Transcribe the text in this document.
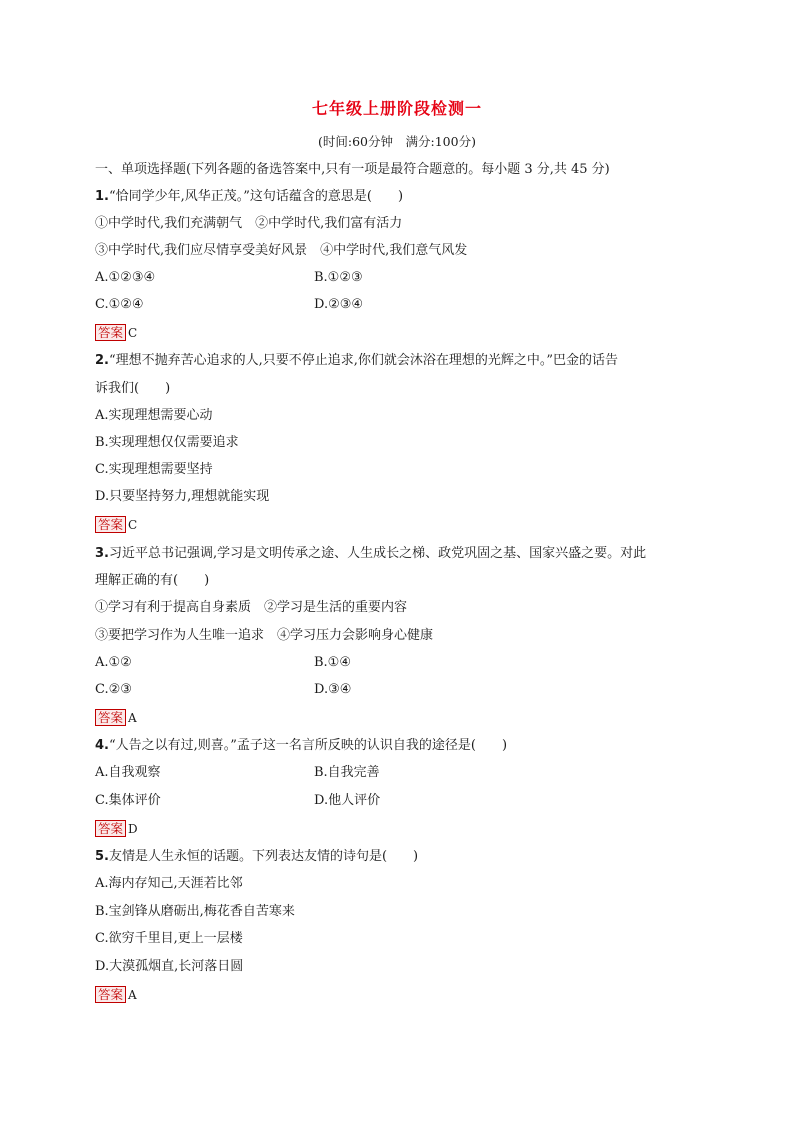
七年级上册阶段检测一
(时间:60分钟　满分:100分)
一、单项选择题(下列各题的备选答案中,只有一项是最符合题意的。每小题 3 分,共 45 分)
1.“恰同学少年,风华正茂。”这句话蕴含的意思是(　　)
①中学时代,我们充满朝气　②中学时代,我们富有活力
③中学时代,我们应尽情享受美好风景　④中学时代,我们意气风发
A.①②③④	B.①②③
C.①②④	D.②③④
答案 C
2.“理想不抛弃苦心追求的人,只要不停止追求,你们就会沐浴在理想的光辉之中。”巴金的话告
诉我们(　　)
A.实现理想需要心动
B.实现理想仅仅需要追求
C.实现理想需要坚持
D.只要坚持努力,理想就能实现
答案 C
3.习近平总书记强调,学习是文明传承之途、人生成长之梯、政党巩固之基、国家兴盛之要。对此
理解正确的有(　　)
①学习有利于提高自身素质　②学习是生活的重要内容
③要把学习作为人生唯一追求　④学习压力会影响身心健康
A.①②	B.①④
C.②③	D.③④
答案 A
4.“人告之以有过,则喜。”孟子这一名言所反映的认识自我的途径是(　　)
A.自我观察	B.自我完善
C.集体评价	D.他人评价
答案 D
5.友情是人生永恒的话题。下列表达友情的诗句是(　　)
A.海内存知己,天涯若比邻
B.宝剑锋从磨砺出,梅花香自苦寒来
C.欲穷千里目,更上一层楼
D.大漠孤烟直,长河落日圆
答案 A
